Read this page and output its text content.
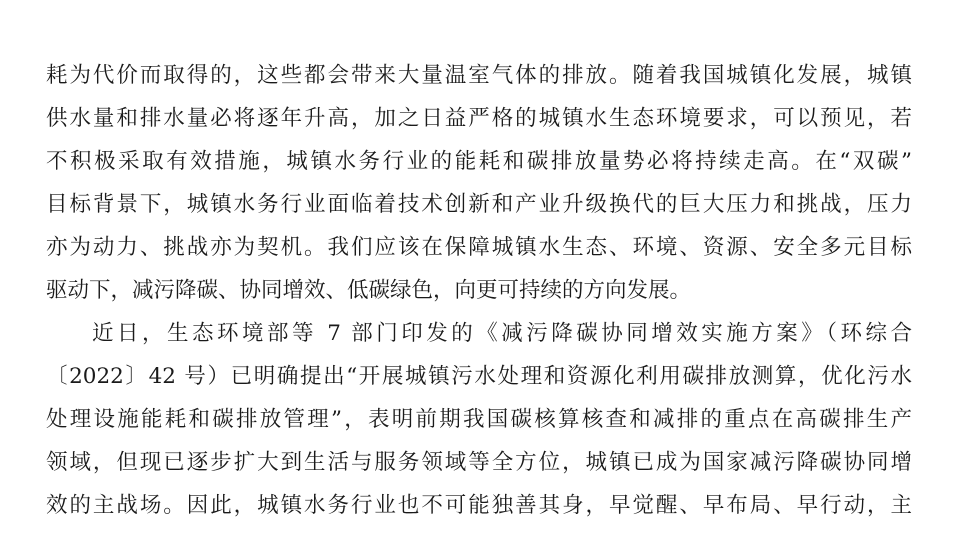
耗为代价而取得的，这些都会带来大量温室气体的排放。随着我国城镇化发展，城镇
供水量和排水量必将逐年升高，加之日益严格的城镇水生态环境要求，可以预见，若
不积极采取有效措施，城镇水务行业的能耗和碳排放量势必将持续走高。在“双碳”
目标背景下，城镇水务行业面临着技术创新和产业升级换代的巨大压力和挑战，压力
亦为动力、挑战亦为契机。我们应该在保障城镇水生态、环境、资源、安全多元目标
驱动下，减污降碳、协同增效、低碳绿色，向更可持续的方向发展。
近日，生态环境部等 7 部门印发的《减污降碳协同增效实施方案》（环综合
〔2022〕42 号）已明确提出“开展城镇污水处理和资源化利用碳排放测算，优化污水
处理设施能耗和碳排放管理”，表明前期我国碳核算核查和减排的重点在高碳排生产
领域，但现已逐步扩大到生活与服务领域等全方位，城镇已成为国家减污降碳协同增
效的主战场。因此，城镇水务行业也不可能独善其身，早觉醒、早布局、早行动，主
